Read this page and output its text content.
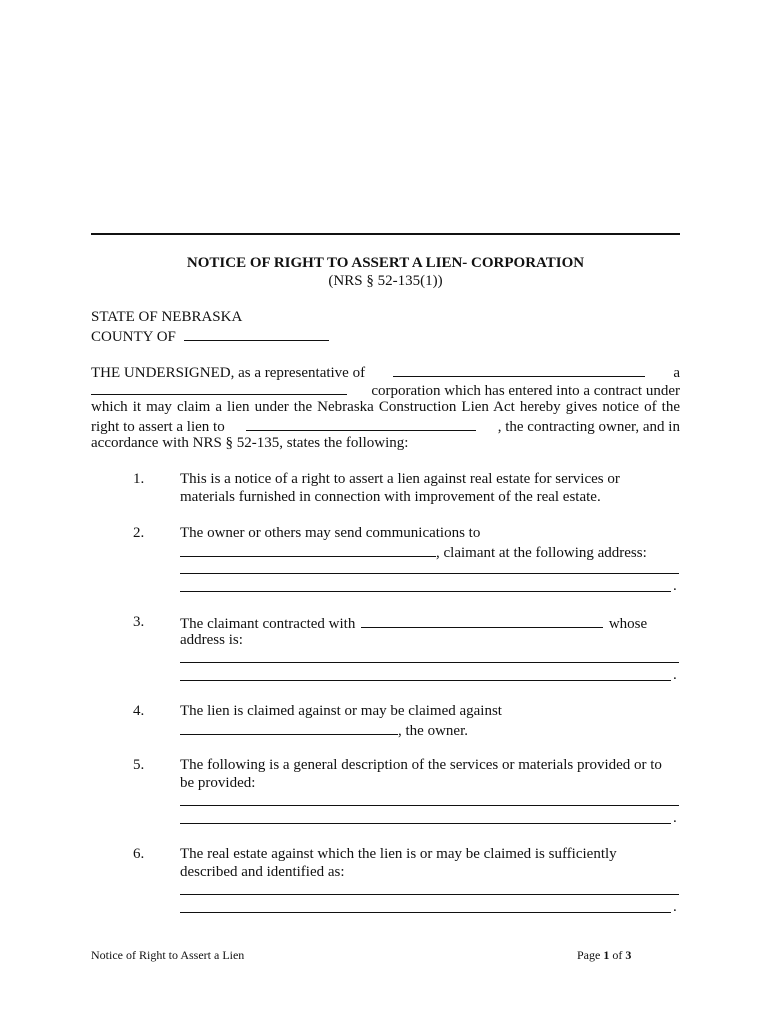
NOTICE OF RIGHT TO ASSERT A LIEN- CORPORATION
(NRS § 52-135(1))
STATE OF NEBRASKA
COUNTY OF
THE UNDERSIGNED, as a representative of	a
corporation which has entered into a contract under
which it may claim a lien under the Nebraska Construction Lien Act hereby gives notice of the
right to assert a lien to	, the contracting owner, and in
accordance with NRS § 52-135, states the following:
1. This is a notice of a right to assert a lien against real estate for services or
materials furnished in connection with improvement of the real estate.
2. The owner or others may send communications to
, claimant at the following address:
.
3. The claimant contracted with	whose
address is:
.
4. The lien is claimed against or may be claimed against
, the owner.
5. The following is a general description of the services or materials provided or to
be provided:
.
6. The real estate against which the lien is or may be claimed is sufficiently
described and identified as:
.
Notice of Right to Assert a Lien	Page 1 of 3
